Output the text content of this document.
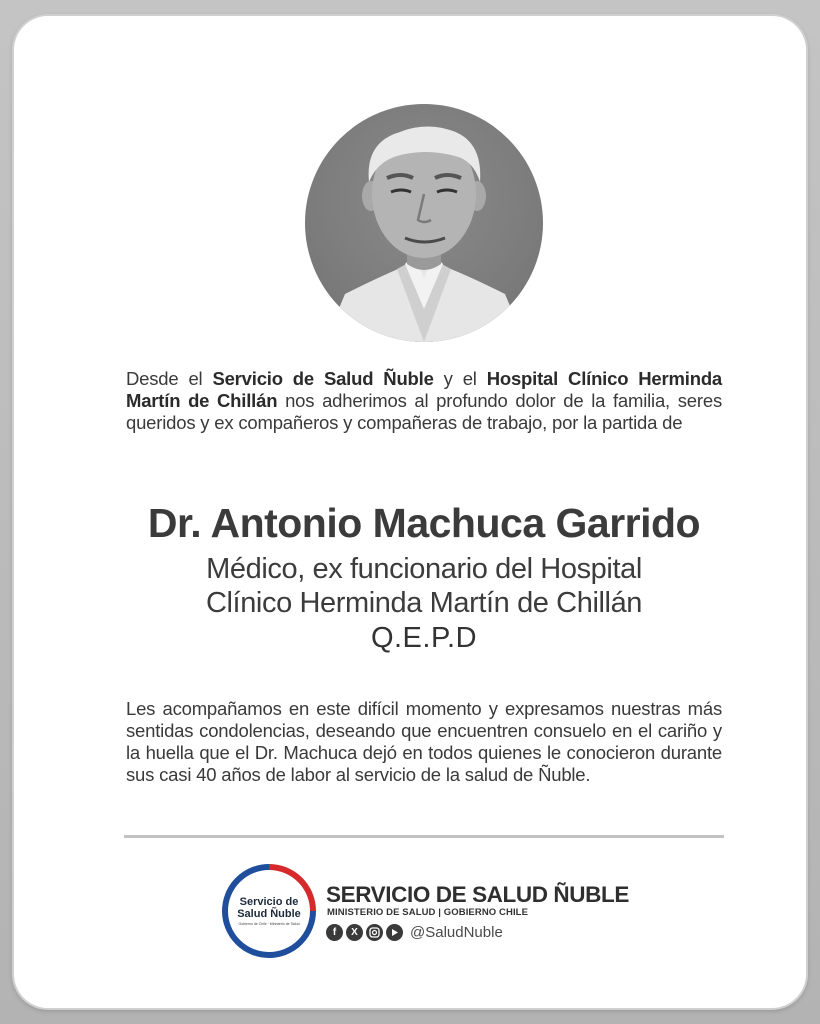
Desde el Servicio de Salud Ñuble y el Hospital Clínico Herminda Martín de Chillán nos adherimos al profundo dolor de la familia, seres queridos y ex compañeros y compañeras de trabajo, por la partida de

Dr. Antonio Machuca Garrido
Médico, ex funcionario del Hospital
Clínico Herminda Martín de Chillán
Q.E.P.D

Les acompañamos en este difícil momento y expresamos nuestras más sentidas condolencias, deseando que encuentren consuelo en el cariño y la huella que el Dr. Machuca dejó en todos quienes le conocieron durante sus casi 40 años de labor al servicio de la salud de Ñuble.

Servicio de
Salud Ñuble
Gobierno de Chile · Ministerio de Salud
SERVICIO DE SALUD ÑUBLE
MINISTERIO DE SALUD | GOBIERNO CHILE
f	X	@SaludNuble
